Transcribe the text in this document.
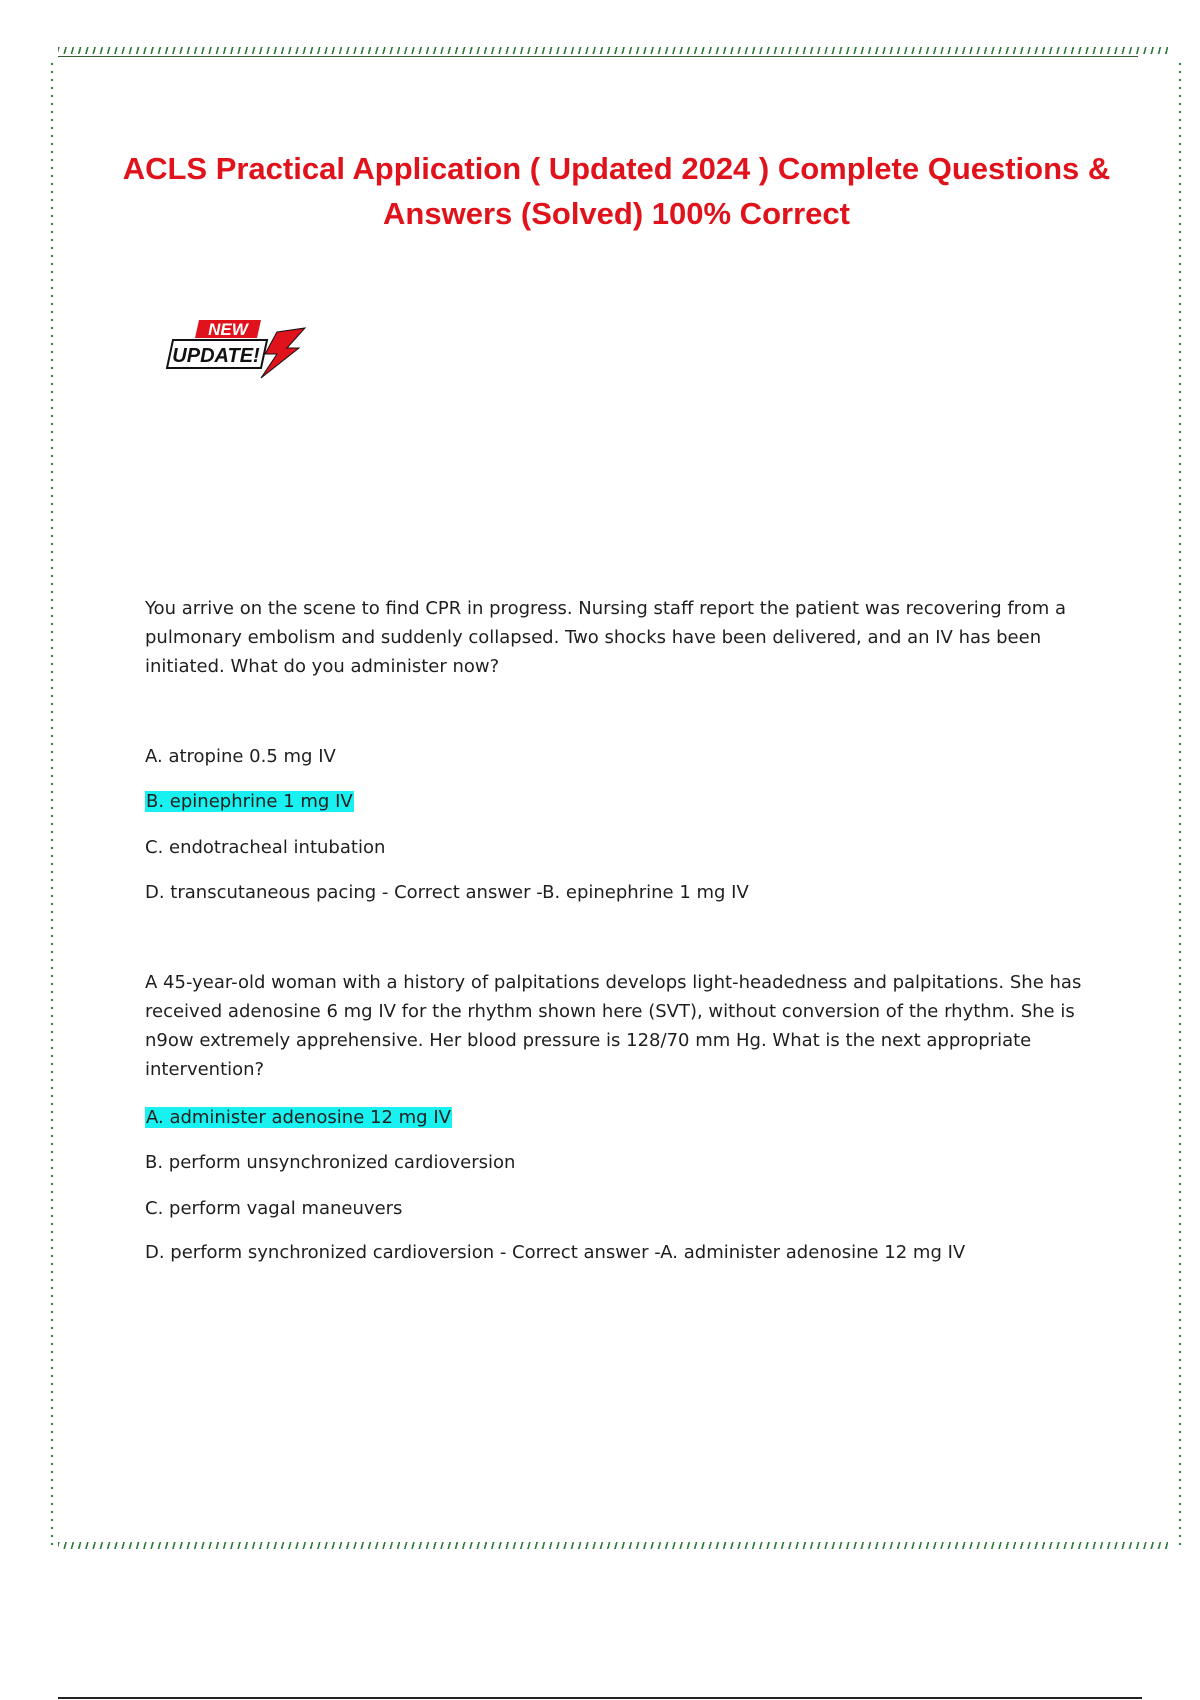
ACLS Practical Application ( Updated 2024 ) Complete Questions & Answers (Solved) 100% Correct
NEW
UPDATE!

You arrive on the scene to find CPR in progress. Nursing staff report the patient was recovering from a pulmonary embolism and suddenly collapsed. Two shocks have been delivered, and an IV has been initiated. What do you administer now?

A. atropine 0.5 mg IV

B. epinephrine 1 mg IV

C. endotracheal intubation

D. transcutaneous pacing - Correct answer -B. epinephrine 1 mg IV

A 45-year-old woman with a history of palpitations develops light-headedness and palpitations. She has received adenosine 6 mg IV for the rhythm shown here (SVT), without conversion of the rhythm. She is n9ow extremely apprehensive. Her blood pressure is 128/70 mm Hg. What is the next appropriate intervention?

A. administer adenosine 12 mg IV

B. perform unsynchronized cardioversion

C. perform vagal maneuvers

D. perform synchronized cardioversion - Correct answer -A. administer adenosine 12 mg IV
